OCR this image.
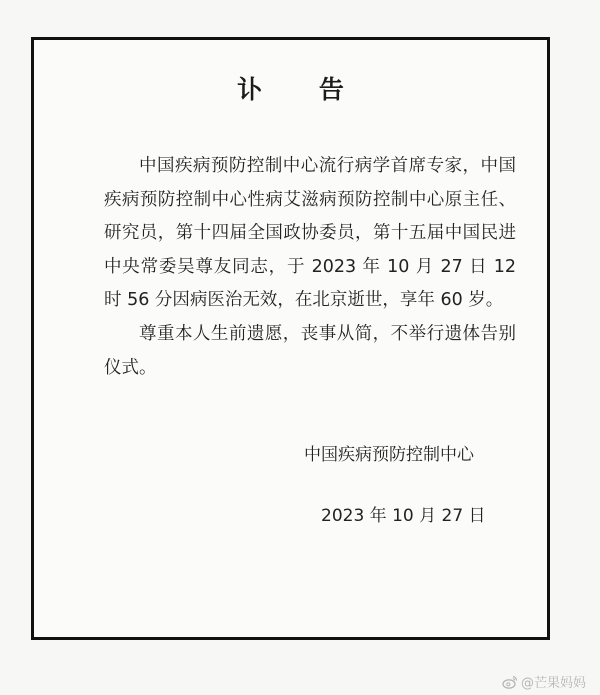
讣 告
中国疾病预防控制中心流行病学首席专家，中国疾病预防控制中心性病艾滋病预防控制中心原主任、研究员，第十四届全国政协委员，第十五届中国民进中央常委吴尊友同志，于 2023 年 10 月 27 日 12 时 56 分因病医治无效，在北京逝世，享年 60 岁。
尊重本人生前遗愿，丧事从简，不举行遗体告别仪式。
中国疾病预防控制中心
2023 年 10 月 27 日
@芒果妈妈
